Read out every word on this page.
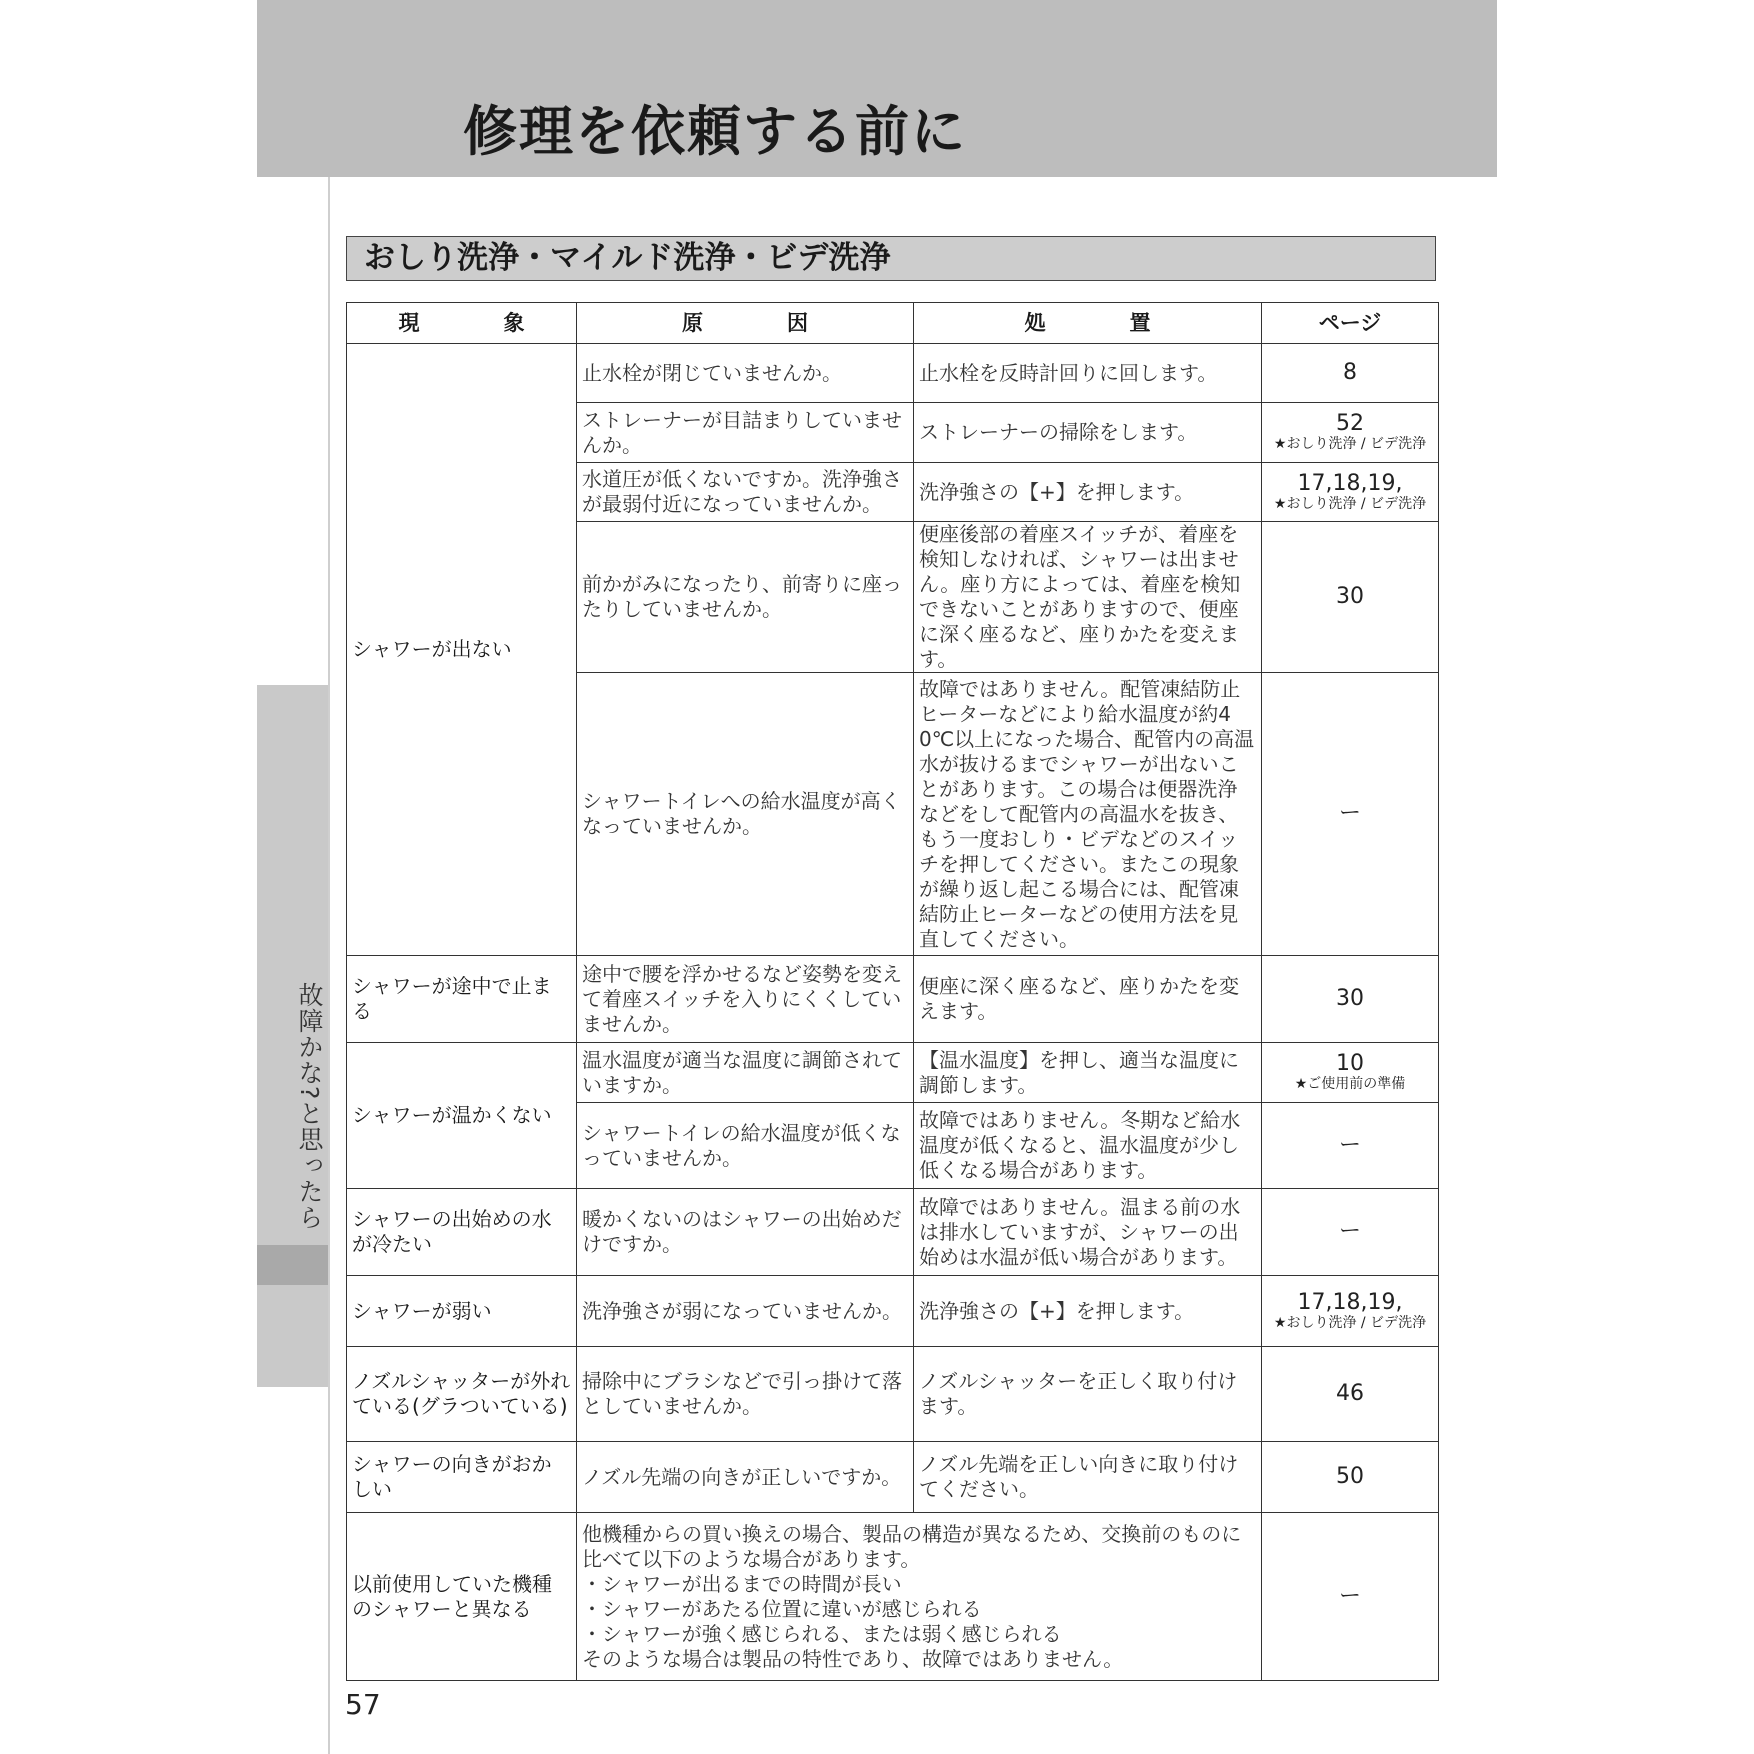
修理を依頼する前に
故障かな?と思ったら
おしり洗浄・マイルド洗浄・ビデ洗浄
現　　　　象	原　　　　因	処　　　　置	ページ
シャワーが出ない	止水栓が閉じていませんか。	止水栓を反時計回りに回します。	8

	ストレーナーが目詰まりしていませんか。	ストレーナーの掃除をします。	52
★おしり洗浄 / ビデ洗浄

	水道圧が低くないですか。洗浄強さが最弱付近になっていませんか。	洗浄強さの【+】を押します。	17,18,19,
★おしり洗浄 / ビデ洗浄

	前かがみになったり、前寄りに座ったりしていませんか。	便座後部の着座スイッチが、着座を検知しなければ、シャワーは出ません。座り方によっては、着座を検知できないことがありますので、便座に深く座るなど、座りかたを変えます。	30

	シャワートイレへの給水温度が高くなっていませんか。	故障ではありません。配管凍結防止ヒーターなどにより給水温度が約40℃以上になった場合、配管内の高温水が抜けるまでシャワーが出ないことがあります。この場合は便器洗浄などをして配管内の高温水を抜き、もう一度おしり・ビデなどのスイッチを押してください。またこの現象が繰り返し起こる場合には、配管凍結防止ヒーターなどの使用方法を見直してください。	ー

シャワーが途中で止まる	途中で腰を浮かせるなど姿勢を変えて着座スイッチを入りにくくしていませんか。	便座に深く座るなど、座りかたを変えます。	30

シャワーが温かくない	温水温度が適当な温度に調節されていますか。	【温水温度】を押し、適当な温度に調節します。	10
★ご使用前の準備

	シャワートイレの給水温度が低くなっていませんか。	故障ではありません。冬期など給水温度が低くなると、温水温度が少し低くなる場合があります。	ー

シャワーの出始めの水が冷たい	暖かくないのはシャワーの出始めだけですか。	故障ではありません。温まる前の水は排水していますが、シャワーの出始めは水温が低い場合があります。	ー

シャワーが弱い	洗浄強さが弱になっていませんか。	洗浄強さの【+】を押します。	17,18,19,
★おしり洗浄 / ビデ洗浄

ノズルシャッターが外れている(グラついている)	掃除中にブラシなどで引っ掛けて落としていませんか。	ノズルシャッターを正しく取り付けます。	46

シャワーの向きがおかしい	ノズル先端の向きが正しいですか。	ノズル先端を正しい向きに取り付けてください。	50

以前使用していた機種のシャワーと異なる	他機種からの買い換えの場合、製品の構造が異なるため、交換前のものに比べて以下のような場合があります。
・シャワーが出るまでの時間が長い
・シャワーがあたる位置に違いが感じられる
・シャワーが強く感じられる、または弱く感じられる
そのような場合は製品の特性であり、故障ではありません。		ー
57
